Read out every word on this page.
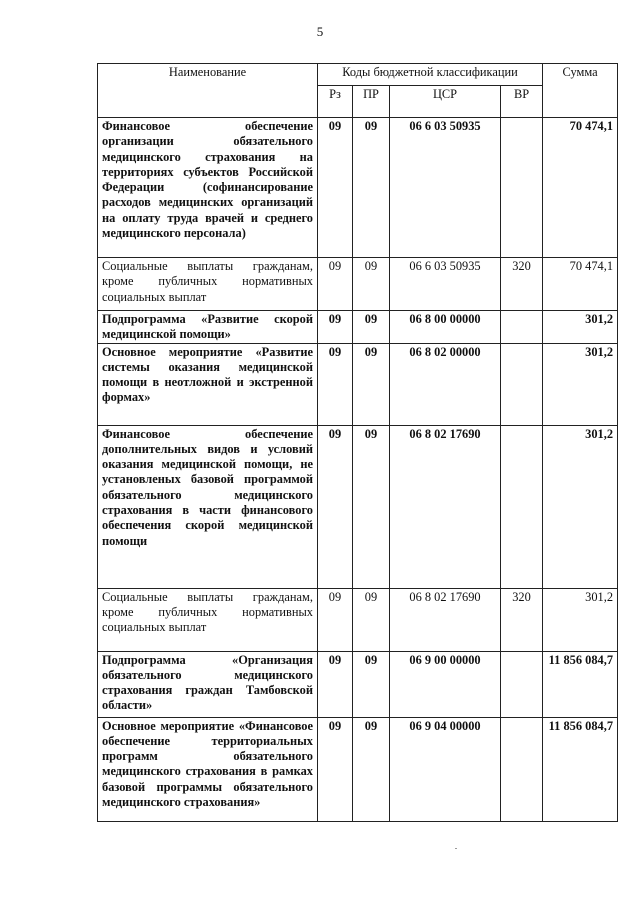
5
Наименование	Коды бюджетной классификации				Сумма
	Рз	ПР	ЦСР	ВР	
Финансовое обеспечение организации обязательного медицинского страхования на территориях субъектов Российской Федерации (софинансирование расходов медицинских организаций на оплату труда врачей и среднего медицинского персонала)	09	09	06 6 03 50935		70 474,1
Социальные выплаты гражданам, кроме публичных нормативных социальных выплат	09	09	06 6 03 50935	320	70 474,1
Подпрограмма «Развитие скорой медицинской помощи»	09	09	06 8 00 00000		301,2
Основное мероприятие «Развитие системы оказания медицинской помощи в неотложной и экстренной формах»	09	09	06 8 02 00000		301,2
Финансовое обеспечение дополнительных видов и условий оказания медицинской помощи, не установленых базовой программой обязательного медицинского страхования в части финансового обеспечения скорой медицинской помощи	09	09	06 8 02 17690		301,2
Социальные выплаты гражданам, кроме публичных нормативных социальных выплат	09	09	06 8 02 17690	320	301,2
Подпрограмма «Организация обязательного медицинского страхования граждан Тамбовской области»	09	09	06 9 00 00000		11 856 084,7
Основное мероприятие «Финансовое обеспечение территориальных программ обязательного медицинского страхования в рамках базовой программы обязательного медицинского страхования»	09	09	06 9 04 00000		11 856 084,7
